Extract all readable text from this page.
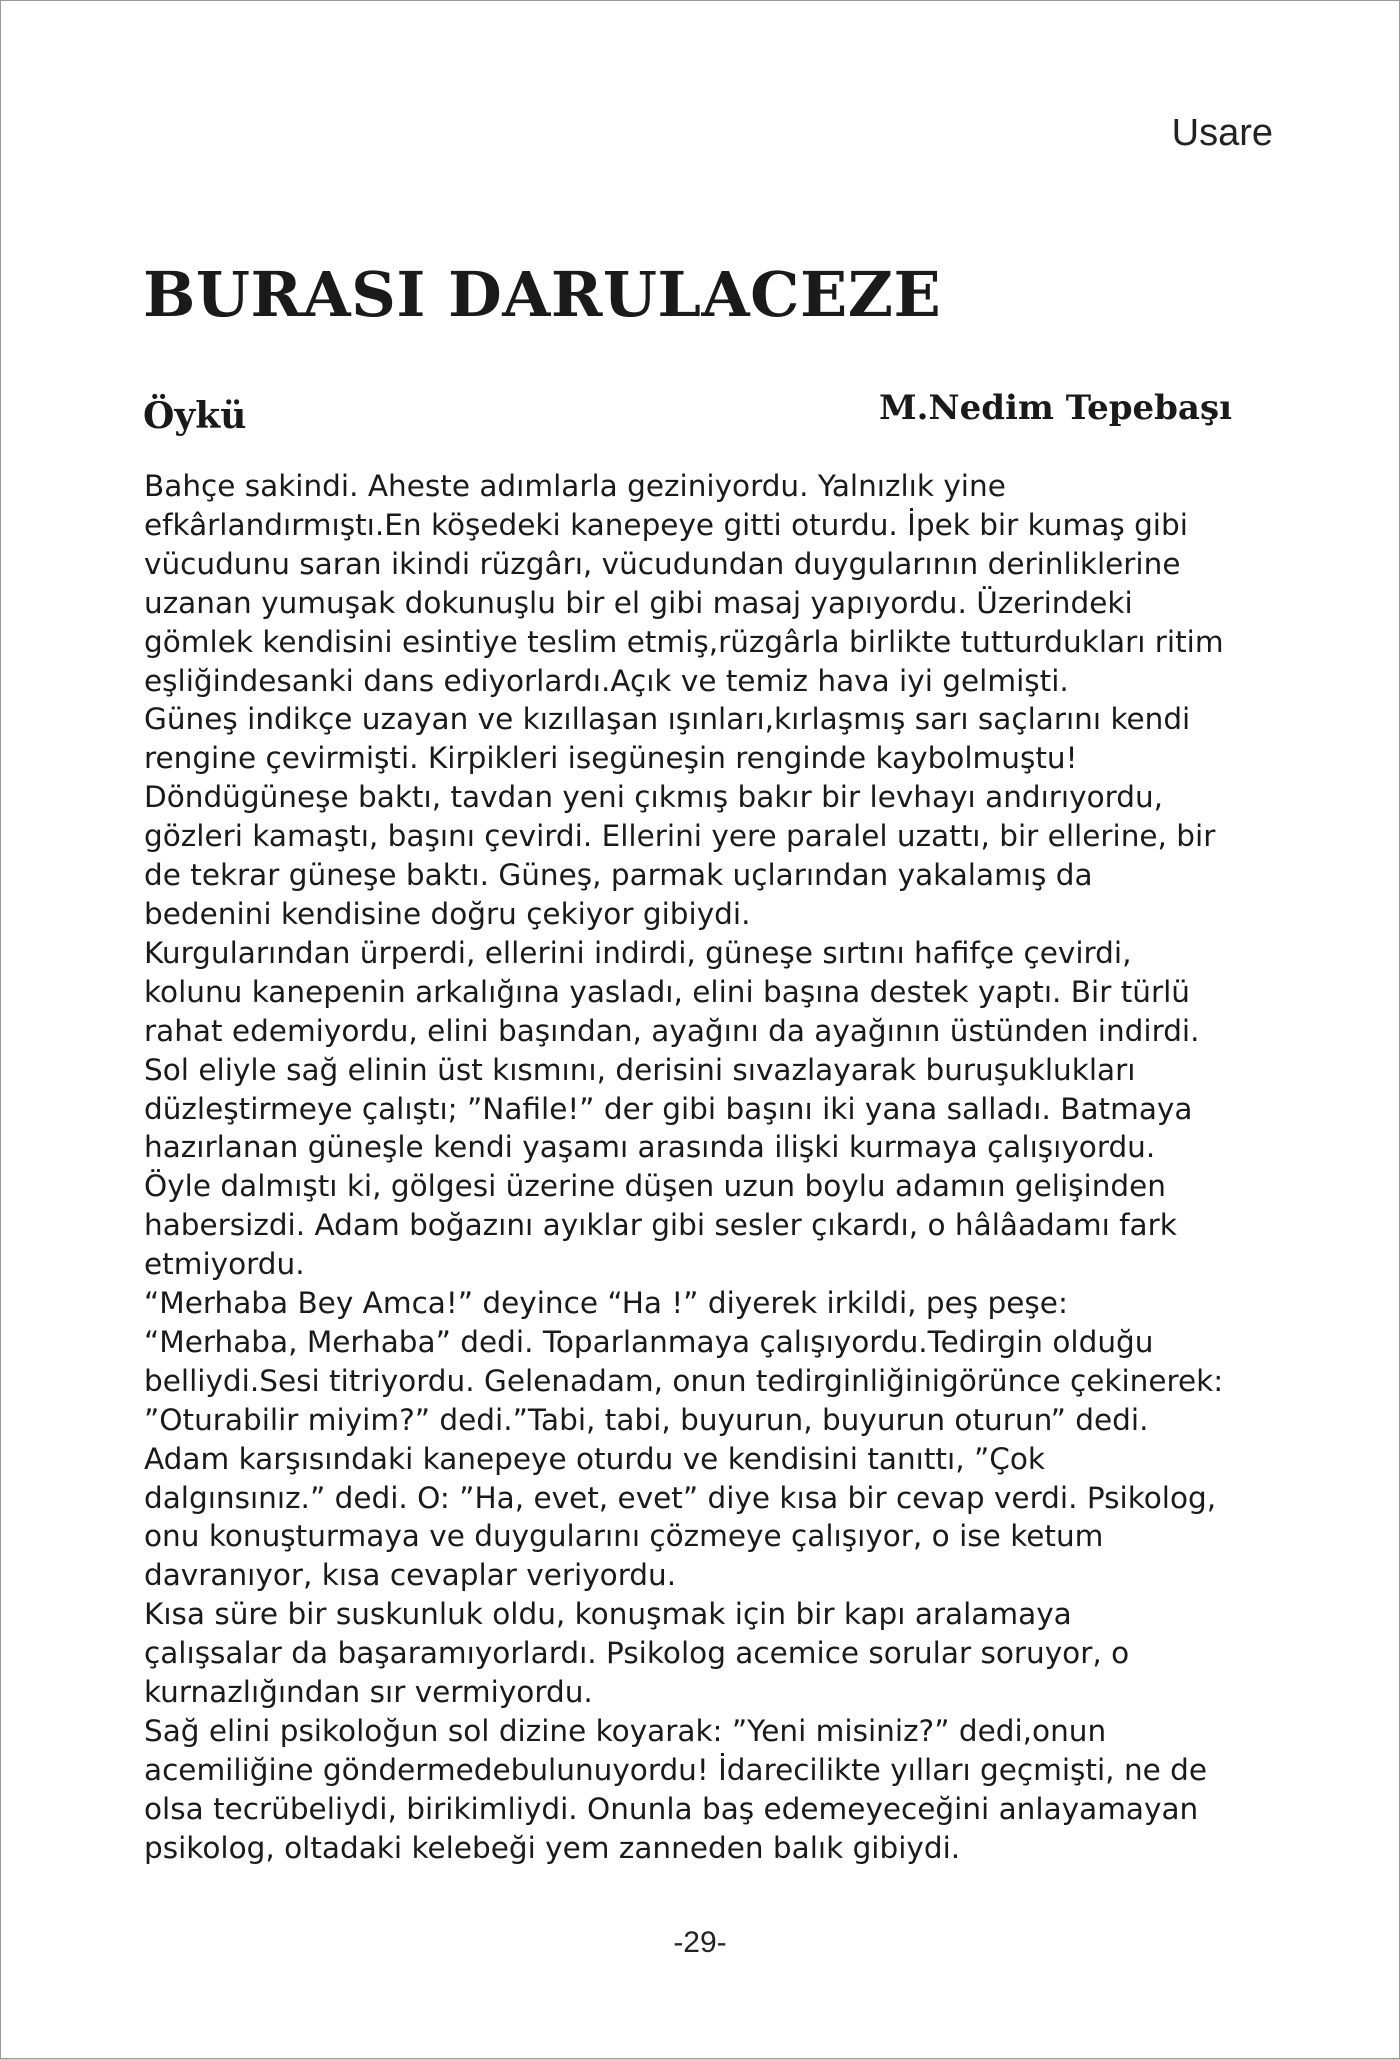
Usare
BURASI DARULACEZE
Öykü	M.Nedim Tepebaşı
Bahçe sakindi. Aheste adımlarla geziniyordu. Yalnızlık yine
efkârlandırmıştı.En köşedeki kanepeye gitti oturdu. İpek bir kumaş gibi
vücudunu saran ikindi rüzgârı, vücudundan duygularının derinliklerine
uzanan yumuşak dokunuşlu bir el gibi masaj yapıyordu. Üzerindeki
gömlek kendisini esintiye teslim etmiş,rüzgârla birlikte tutturdukları ritim
eşliğindesanki dans ediyorlardı.Açık ve temiz hava iyi gelmişti.
Güneş indikçe uzayan ve kızıllaşan ışınları,kırlaşmış sarı saçlarını kendi
rengine çevirmişti. Kirpikleri isegüneşin renginde kaybolmuştu!
Döndügüneşe baktı, tavdan yeni çıkmış bakır bir levhayı andırıyordu,
gözleri kamaştı, başını çevirdi. Ellerini yere paralel uzattı, bir ellerine, bir
de tekrar güneşe baktı. Güneş, parmak uçlarından yakalamış da
bedenini kendisine doğru çekiyor gibiydi.
Kurgularından ürperdi, ellerini indirdi, güneşe sırtını hafifçe çevirdi,
kolunu kanepenin arkalığına yasladı, elini başına destek yaptı. Bir türlü
rahat edemiyordu, elini başından, ayağını da ayağının üstünden indirdi.
Sol eliyle sağ elinin üst kısmını, derisini sıvazlayarak buruşuklukları
düzleştirmeye çalıştı; ”Nafile!” der gibi başını iki yana salladı. Batmaya
hazırlanan güneşle kendi yaşamı arasında ilişki kurmaya çalışıyordu.
Öyle dalmıştı ki, gölgesi üzerine düşen uzun boylu adamın gelişinden
habersizdi. Adam boğazını ayıklar gibi sesler çıkardı, o hâlâadamı fark
etmiyordu.
“Merhaba Bey Amca!” deyince “Ha !” diyerek irkildi, peş peşe:
“Merhaba, Merhaba” dedi. Toparlanmaya çalışıyordu.Tedirgin olduğu
belliydi.Sesi titriyordu. Gelenadam, onun tedirginliğinigörünce çekinerek:
”Oturabilir miyim?” dedi.”Tabi, tabi, buyurun, buyurun oturun” dedi.
Adam karşısındaki kanepeye oturdu ve kendisini tanıttı, ”Çok
dalgınsınız.” dedi. O: ”Ha, evet, evet” diye kısa bir cevap verdi. Psikolog,
onu konuşturmaya ve duygularını çözmeye çalışıyor, o ise ketum
davranıyor, kısa cevaplar veriyordu.
Kısa süre bir suskunluk oldu, konuşmak için bir kapı aralamaya
çalışsalar da başaramıyorlardı. Psikolog acemice sorular soruyor, o
kurnazlığından sır vermiyordu.
Sağ elini psikoloğun sol dizine koyarak: ”Yeni misiniz?” dedi,onun
acemiliğine göndermedebulunuyordu! İdarecilikte yılları geçmişti, ne de
olsa tecrübeliydi, birikimliydi. Onunla baş edemeyeceğini anlayamayan
psikolog, oltadaki kelebeği yem zanneden balık gibiydi.
-29-
